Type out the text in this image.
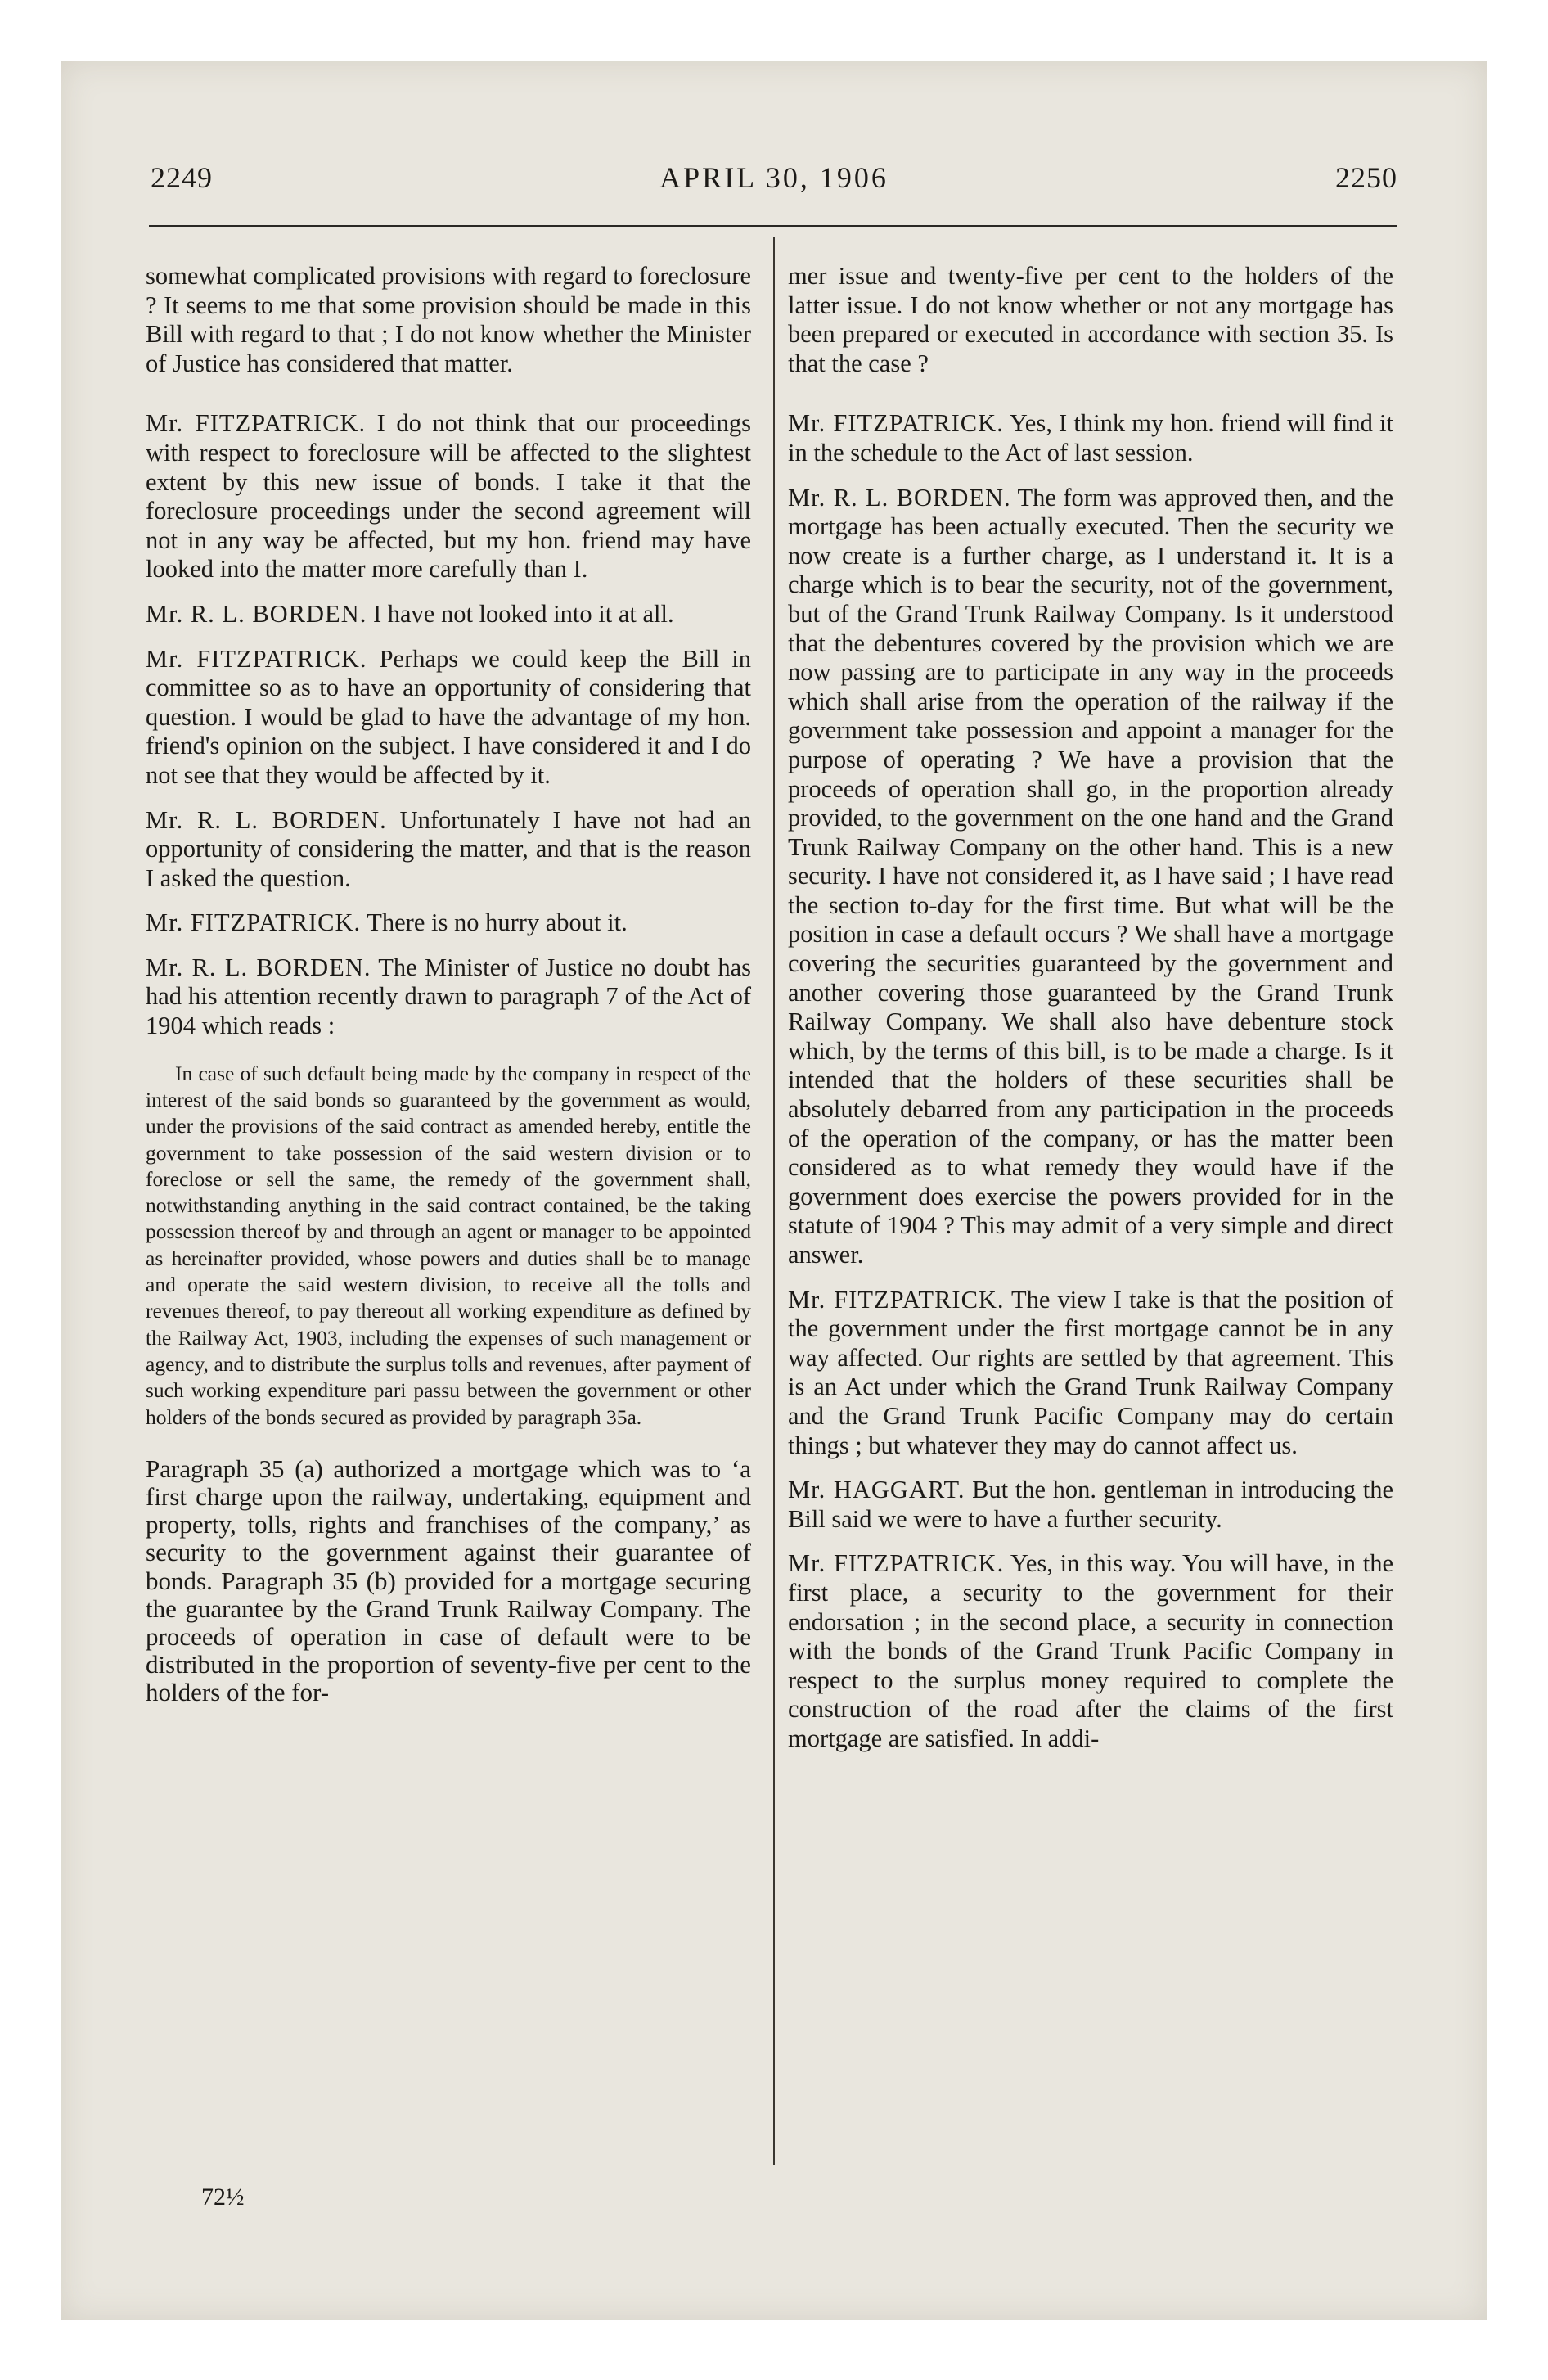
2249	APRIL 30, 1906	2250

somewhat complicated provisions with regard to foreclosure ? It seems to me that some provision should be made in this Bill with regard to that ; I do not know whether the Minister of Justice has considered that matter.

Mr. FITZPATRICK. I do not think that our proceedings with respect to foreclosure will be affected to the slightest extent by this new issue of bonds. I take it that the foreclosure proceedings under the second agreement will not in any way be affected, but my hon. friend may have looked into the matter more carefully than I.

Mr. R. L. BORDEN. I have not looked into it at all.

Mr. FITZPATRICK. Perhaps we could keep the Bill in committee so as to have an opportunity of considering that question. I would be glad to have the advantage of my hon. friend's opinion on the subject. I have considered it and I do not see that they would be affected by it.

Mr. R. L. BORDEN. Unfortunately I have not had an opportunity of considering the matter, and that is the reason I asked the question.

Mr. FITZPATRICK. There is no hurry about it.

Mr. R. L. BORDEN. The Minister of Justice no doubt has had his attention recently drawn to paragraph 7 of the Act of 1904 which reads :

In case of such default being made by the company in respect of the interest of the said bonds so guaranteed by the government as would, under the provisions of the said contract as amended hereby, entitle the government to take possession of the said western division or to foreclose or sell the same, the remedy of the government shall, notwithstanding anything in the said contract contained, be the taking possession thereof by and through an agent or manager to be appointed as hereinafter provided, whose powers and duties shall be to manage and operate the said western division, to receive all the tolls and revenues thereof, to pay thereout all working expenditure as defined by the Railway Act, 1903, including the expenses of such management or agency, and to distribute the surplus tolls and revenues, after payment of such working expenditure pari passu between the government or other holders of the bonds secured as provided by paragraph 35a.

Paragraph 35 (a) authorized a mortgage which was to ‘a first charge upon the railway, undertaking, equipment and property, tolls, rights and franchises of the company,’ as security to the government against their guarantee of bonds. Paragraph 35 (b) provided for a mortgage securing the guarantee by the Grand Trunk Railway Company. The proceeds of operation in case of default were to be distributed in the proportion of seventy-five per cent to the holders of the for-

72½

mer issue and twenty-five per cent to the holders of the latter issue. I do not know whether or not any mortgage has been prepared or executed in accordance with section 35. Is that the case ?

Mr. FITZPATRICK. Yes, I think my hon. friend will find it in the schedule to the Act of last session.

Mr. R. L. BORDEN. The form was approved then, and the mortgage has been actually executed. Then the security we now create is a further charge, as I understand it. It is a charge which is to bear the security, not of the government, but of the Grand Trunk Railway Company. Is it understood that the debentures covered by the provision which we are now passing are to participate in any way in the proceeds which shall arise from the operation of the railway if the government take possession and appoint a manager for the purpose of operating ? We have a provision that the proceeds of operation shall go, in the proportion already provided, to the government on the one hand and the Grand Trunk Railway Company on the other hand. This is a new security. I have not considered it, as I have said ; I have read the section to-day for the first time. But what will be the position in case a default occurs ? We shall have a mortgage covering the securities guaranteed by the government and another covering those guaranteed by the Grand Trunk Railway Company. We shall also have debenture stock which, by the terms of this bill, is to be made a charge. Is it intended that the holders of these securities shall be absolutely debarred from any participation in the proceeds of the operation of the company, or has the matter been considered as to what remedy they would have if the government does exercise the powers provided for in the statute of 1904 ? This may admit of a very simple and direct answer.

Mr. FITZPATRICK. The view I take is that the position of the government under the first mortgage cannot be in any way affected. Our rights are settled by that agreement. This is an Act under which the Grand Trunk Railway Company and the Grand Trunk Pacific Company may do certain things ; but whatever they may do cannot affect us.

Mr. HAGGART. But the hon. gentleman in introducing the Bill said we were to have a further security.

Mr. FITZPATRICK. Yes, in this way. You will have, in the first place, a security to the government for their endorsation ; in the second place, a security in connection with the bonds of the Grand Trunk Pacific Company in respect to the surplus money required to complete the construction of the road after the claims of the first mortgage are satisfied. In addi-
